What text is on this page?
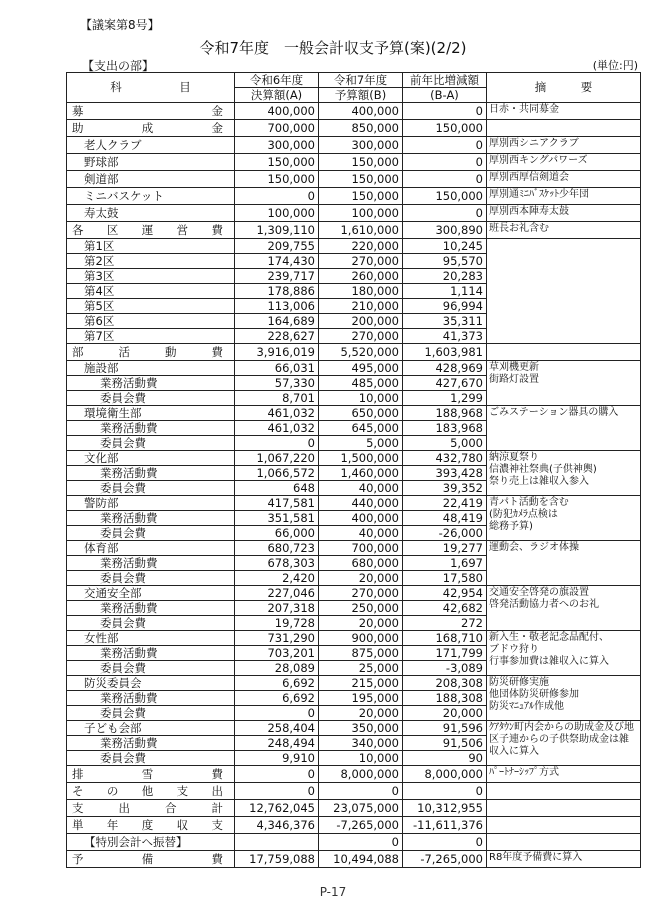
【議案第8号】
令和7年度　一般会計収支予算(案)(2/2)
【支出の部】	(単位:円)
科　　　　　目	令和6年度	令和7年度	前年比増減額	摘　　　要
	決算額(A)	予算額(B)	(B-A)	

募　金	400,000	400,000	0	日赤・共同募金

助成金	700,000	850,000	150,000	

老人クラブ	300,000	300,000	0	厚別西シニアクラブ

野球部	150,000	150,000	0	厚別西キングパワーズ

剣道部	150,000	150,000	0	厚別西厚信剣道会

ミニバスケット	0	150,000	150,000	厚別通ﾐﾆﾊﾞｽｹｯﾄ少年団

寿太鼓	100,000	100,000	0	厚別西本陣寿太鼓

各区運営費	1,309,110	1,610,000	300,890	班長お礼含む

第1区	209,755	220,000	10,245	

第2区	174,430	270,000	95,570	

第3区	239,717	260,000	20,283	

第4区	178,886	180,000	1,114	

第5区	113,006	210,000	96,994	

第6区	164,689	200,000	35,311	

第7区	228,627	270,000	41,373	

部活動費	3,916,019	5,520,000	1,603,981	

施設部	66,031	495,000	428,969	草刈機更新
街路灯設置

業務活動費	57,330	485,000	427,670	

委員会費	8,701	10,000	1,299	

環境衛生部	461,032	650,000	188,968	ごみステーション器具の購入

業務活動費	461,032	645,000	183,968	

委員会費	0	5,000	5,000	

文化部	1,067,220	1,500,000	432,780	納涼夏祭り
信濃神社祭典(子供神輿)
祭り売上は雑収入参入

業務活動費	1,066,572	1,460,000	393,428	

委員会費	648	40,000	39,352	

警防部	417,581	440,000	22,419	青パト活動を含む
(防犯ｶﾒﾗ点検は
総務予算)

業務活動費	351,581	400,000	48,419	

委員会費	66,000	40,000	-26,000	

体育部	680,723	700,000	19,277	運動会、ラジオ体操

業務活動費	678,303	680,000	1,697	

委員会費	2,420	20,000	17,580	

交通安全部	227,046	270,000	42,954	交通安全啓発の旗設置
啓発活動協力者へのお礼

業務活動費	207,318	250,000	42,682	

委員会費	19,728	20,000	272	

女性部	731,290	900,000	168,710	新入生・敬老記念品配付、
ブドウ狩り
行事参加費は雑収入に算入

業務活動費	703,201	875,000	171,799	

委員会費	28,089	25,000	-3,089	

防災委員会	6,692	215,000	208,308	防災研修実施
他団体防災研修参加
防災ﾏﾆｭｱﾙ作成他

業務活動費	6,692	195,000	188,308	

委員会費	0	20,000	20,000	

子ども会部	258,404	350,000	91,596	ｸｱﾀｳﾝ町内会からの助成金及び地区子連からの子供祭助成金は雑収入に算入

業務活動費	248,494	340,000	91,506	

委員会費	9,910	10,000	90	

排雪費	0	8,000,000	8,000,000	ﾊﾟｰﾄﾅｰｼｯﾌﾟ方式

その他支出	0	0	0	

支出合計	12,762,045	23,075,000	10,312,955	

単年度収支	4,346,376	-7,265,000	-11,611,376	

【特別会計へ振替】		0	0	

予備費	17,759,088	10,494,088	-7,265,000	R8年度予備費に算入
P-17
